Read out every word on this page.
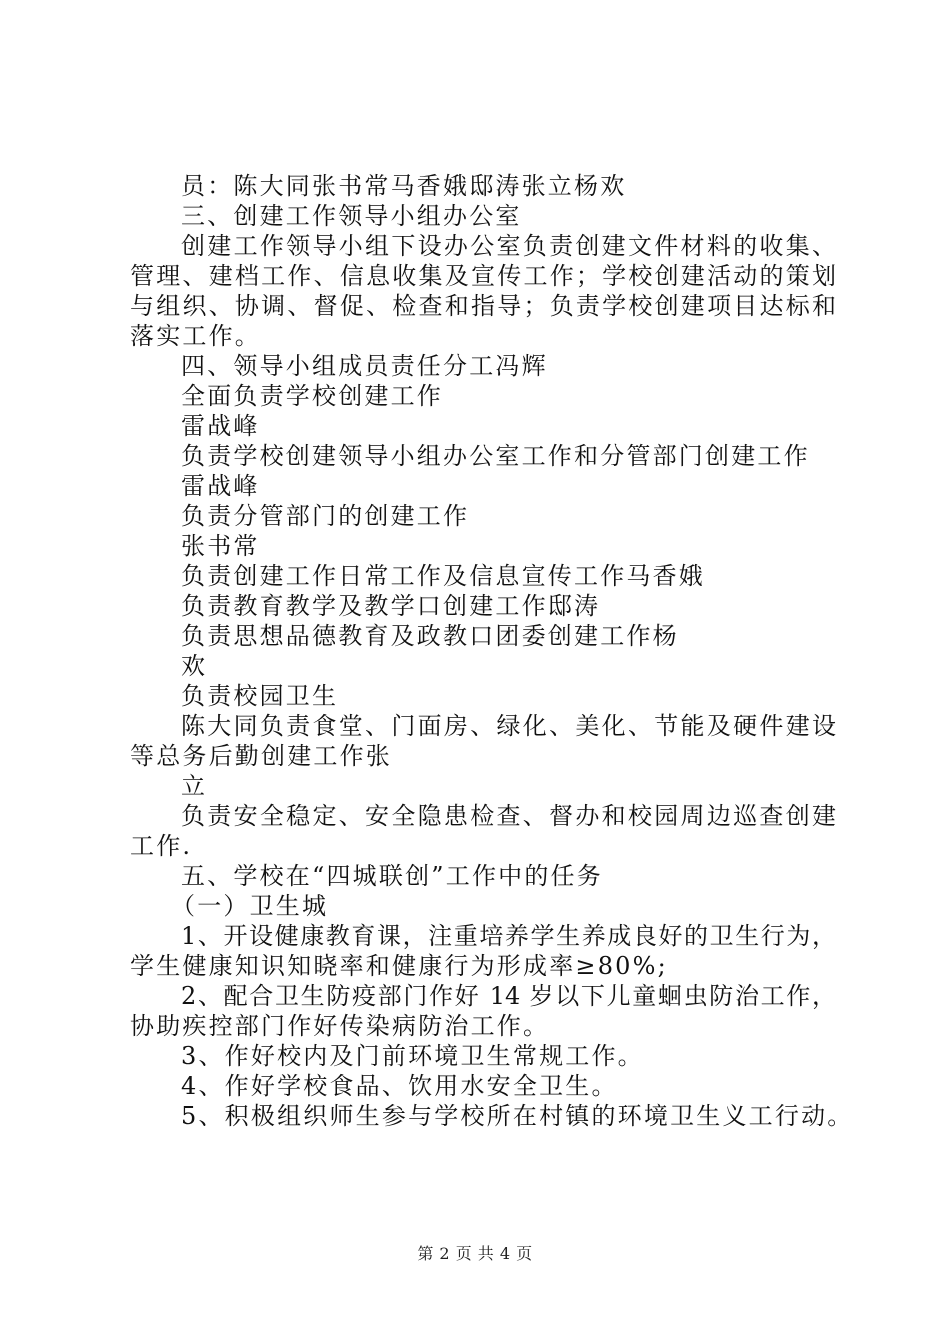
员：陈大同张书常马香娥邸涛张立杨欢
三、创建工作领导小组办公室
创建工作领导小组下设办公室负责创建文件材料的收集、
管理、建档工作、信息收集及宣传工作；学校创建活动的策划
与组织、协调、督促、检查和指导；负责学校创建项目达标和
落实工作。
四、领导小组成员责任分工冯辉
全面负责学校创建工作
雷战峰
负责学校创建领导小组办公室工作和分管部门创建工作
雷战峰
负责分管部门的创建工作
张书常
负责创建工作日常工作及信息宣传工作马香娥
负责教育教学及教学口创建工作邸涛
负责思想品德教育及政教口团委创建工作杨
欢
负责校园卫生
陈大同负责食堂、门面房、绿化、美化、节能及硬件建设
等总务后勤创建工作张
立
负责安全稳定、安全隐患检查、督办和校园周边巡查创建
工作.
五、学校在“四城联创”工作中的任务
（一）卫生城
1、开设健康教育课，注重培养学生养成良好的卫生行为，
学生健康知识知晓率和健康行为形成率≥80%;
2、配合卫生防疫部门作好 14 岁以下儿童蛔虫防治工作，
协助疾控部门作好传染病防治工作。
3、作好校内及门前环境卫生常规工作。
4、作好学校食品、饮用水安全卫生。
5、积极组织师生参与学校所在村镇的环境卫生义工行动。
第 2 页 共 4 页
